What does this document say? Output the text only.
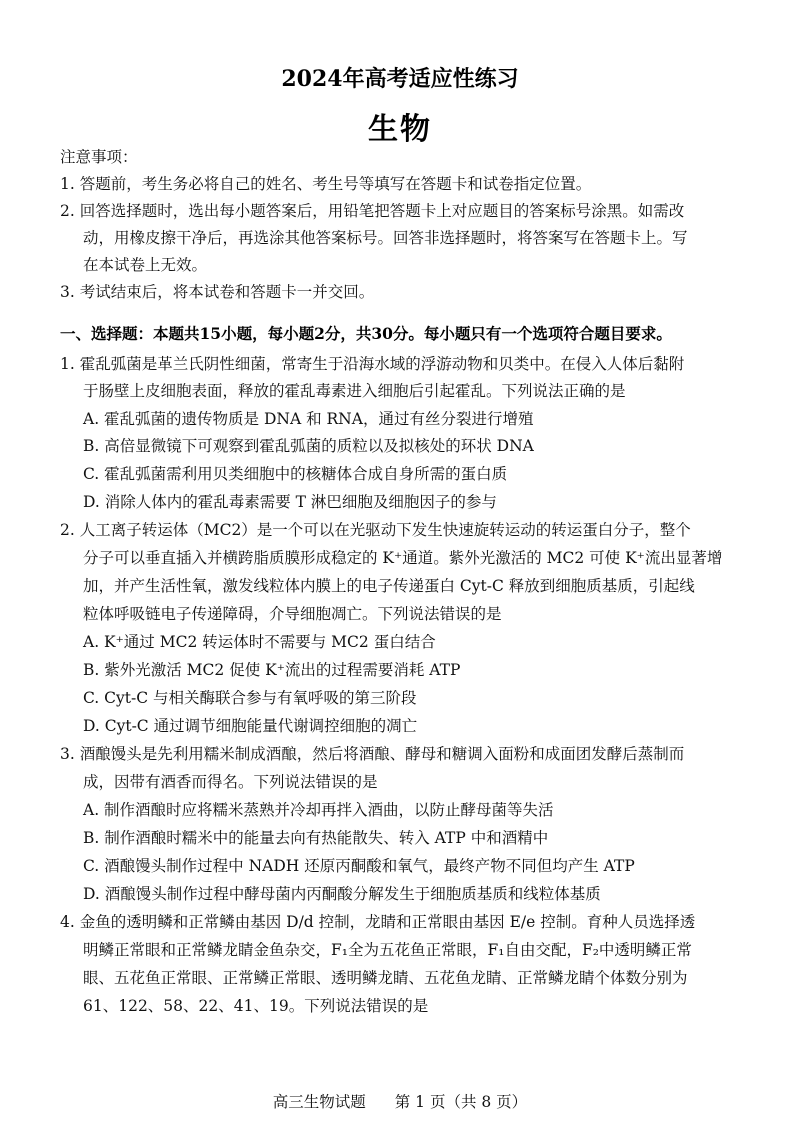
2024年高考适应性练习
生物
注意事项：
1. 答题前，考生务必将自己的姓名、考生号等填写在答题卡和试卷指定位置。
2. 回答选择题时，选出每小题答案后，用铅笔把答题卡上对应题目的答案标号涂黑。如需改
动，用橡皮擦干净后，再选涂其他答案标号。回答非选择题时，将答案写在答题卡上。写
在本试卷上无效。
3. 考试结束后，将本试卷和答题卡一并交回。
一、选择题：本题共15小题，每小题2分，共30分。每小题只有一个选项符合题目要求。
1. 霍乱弧菌是革兰氏阴性细菌，常寄生于沿海水域的浮游动物和贝类中。在侵入人体后黏附
于肠壁上皮细胞表面，释放的霍乱毒素进入细胞后引起霍乱。下列说法正确的是
A. 霍乱弧菌的遗传物质是 DNA 和 RNA，通过有丝分裂进行增殖
B. 高倍显微镜下可观察到霍乱弧菌的质粒以及拟核处的环状 DNA
C. 霍乱弧菌需利用贝类细胞中的核糖体合成自身所需的蛋白质
D. 消除人体内的霍乱毒素需要 T 淋巴细胞及细胞因子的参与
2. 人工离子转运体（MC2）是一个可以在光驱动下发生快速旋转运动的转运蛋白分子，整个
分子可以垂直插入并横跨脂质膜形成稳定的 K⁺通道。紫外光激活的 MC2 可使 K⁺流出显著增
加，并产生活性氧，激发线粒体内膜上的电子传递蛋白 Cyt-C 释放到细胞质基质，引起线
粒体呼吸链电子传递障碍，介导细胞凋亡。下列说法错误的是
A. K⁺通过 MC2 转运体时不需要与 MC2 蛋白结合
B. 紫外光激活 MC2 促使 K⁺流出的过程需要消耗 ATP
C. Cyt-C 与相关酶联合参与有氧呼吸的第三阶段
D. Cyt-C 通过调节细胞能量代谢调控细胞的凋亡
3. 酒酿馒头是先利用糯米制成酒酿，然后将酒酿、酵母和糖调入面粉和成面团发酵后蒸制而
成，因带有酒香而得名。下列说法错误的是
A. 制作酒酿时应将糯米蒸熟并冷却再拌入酒曲，以防止酵母菌等失活
B. 制作酒酿时糯米中的能量去向有热能散失、转入 ATP 中和酒精中
C. 酒酿馒头制作过程中 NADH 还原丙酮酸和氧气，最终产物不同但均产生 ATP
D. 酒酿馒头制作过程中酵母菌内丙酮酸分解发生于细胞质基质和线粒体基质
4. 金鱼的透明鳞和正常鳞由基因 D/d 控制，龙睛和正常眼由基因 E/e 控制。育种人员选择透
明鳞正常眼和正常鳞龙睛金鱼杂交，F₁全为五花鱼正常眼，F₁自由交配，F₂中透明鳞正常
眼、五花鱼正常眼、正常鳞正常眼、透明鳞龙睛、五花鱼龙睛、正常鳞龙睛个体数分别为
61、122、58、22、41、19。下列说法错误的是
高三生物试题 第 1 页（共 8 页）
